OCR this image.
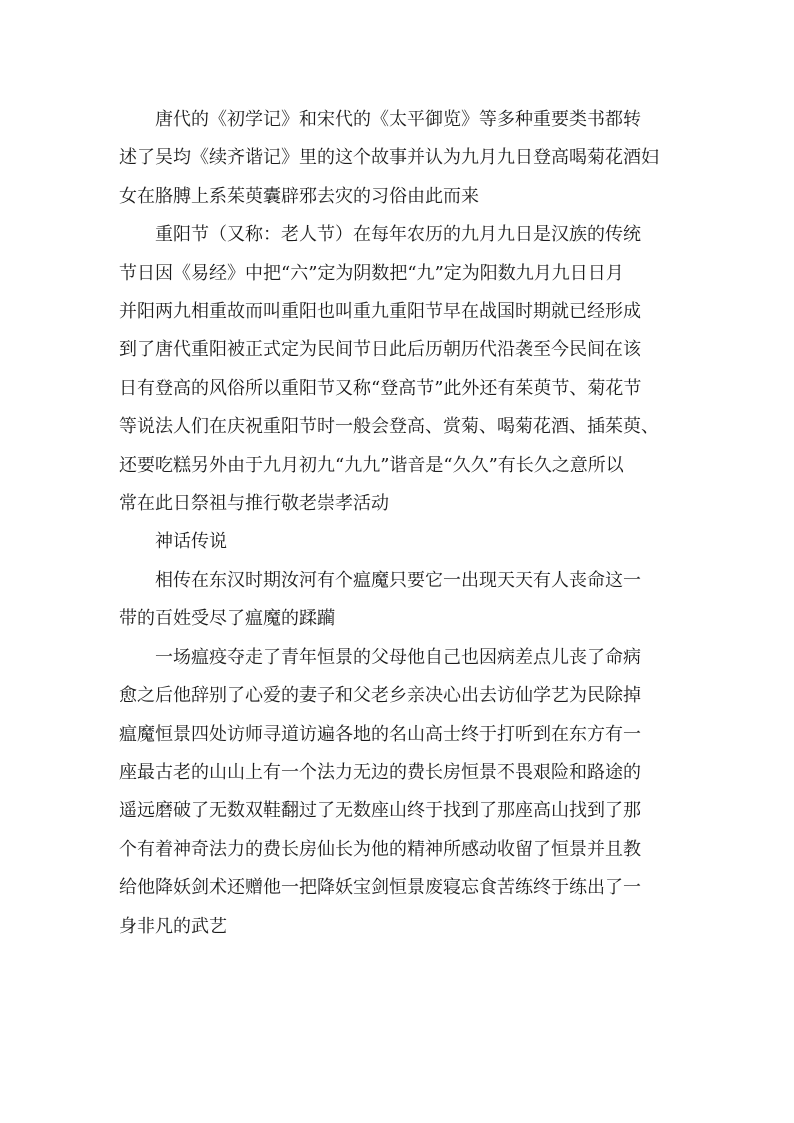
唐代的《初学记》和宋代的《太平御览》等多种重要类书都转
述了吴均《续齐谐记》里的这个故事并认为九月九日登高喝菊花酒妇
女在胳膊上系茱萸囊辟邪去灾的习俗由此而来

重阳节（又称：老人节）在每年农历的九月九日是汉族的传统
节日因《易经》中把“六”定为阴数把“九”定为阳数九月九日日月
并阳两九相重故而叫重阳也叫重九重阳节早在战国时期就已经形成
到了唐代重阳被正式定为民间节日此后历朝历代沿袭至今民间在该
日有登高的风俗所以重阳节又称“登高节”此外还有茱萸节、菊花节
等说法人们在庆祝重阳节时一般会登高、赏菊、喝菊花酒、插茱萸、
还要吃糕另外由于九月初九“九九”谐音是“久久”有长久之意所以
常在此日祭祖与推行敬老崇孝活动

神话传说

相传在东汉时期汝河有个瘟魔只要它一出现天天有人丧命这一
带的百姓受尽了瘟魔的蹂躏

一场瘟疫夺走了青年恒景的父母他自己也因病差点儿丧了命病
愈之后他辞别了心爱的妻子和父老乡亲决心出去访仙学艺为民除掉
瘟魔恒景四处访师寻道访遍各地的名山高士终于打听到在东方有一
座最古老的山山上有一个法力无边的费长房恒景不畏艰险和路途的
遥远磨破了无数双鞋翻过了无数座山终于找到了那座高山找到了那
个有着神奇法力的费长房仙长为他的精神所感动收留了恒景并且教
给他降妖剑术还赠他一把降妖宝剑恒景废寝忘食苦练终于练出了一
身非凡的武艺
